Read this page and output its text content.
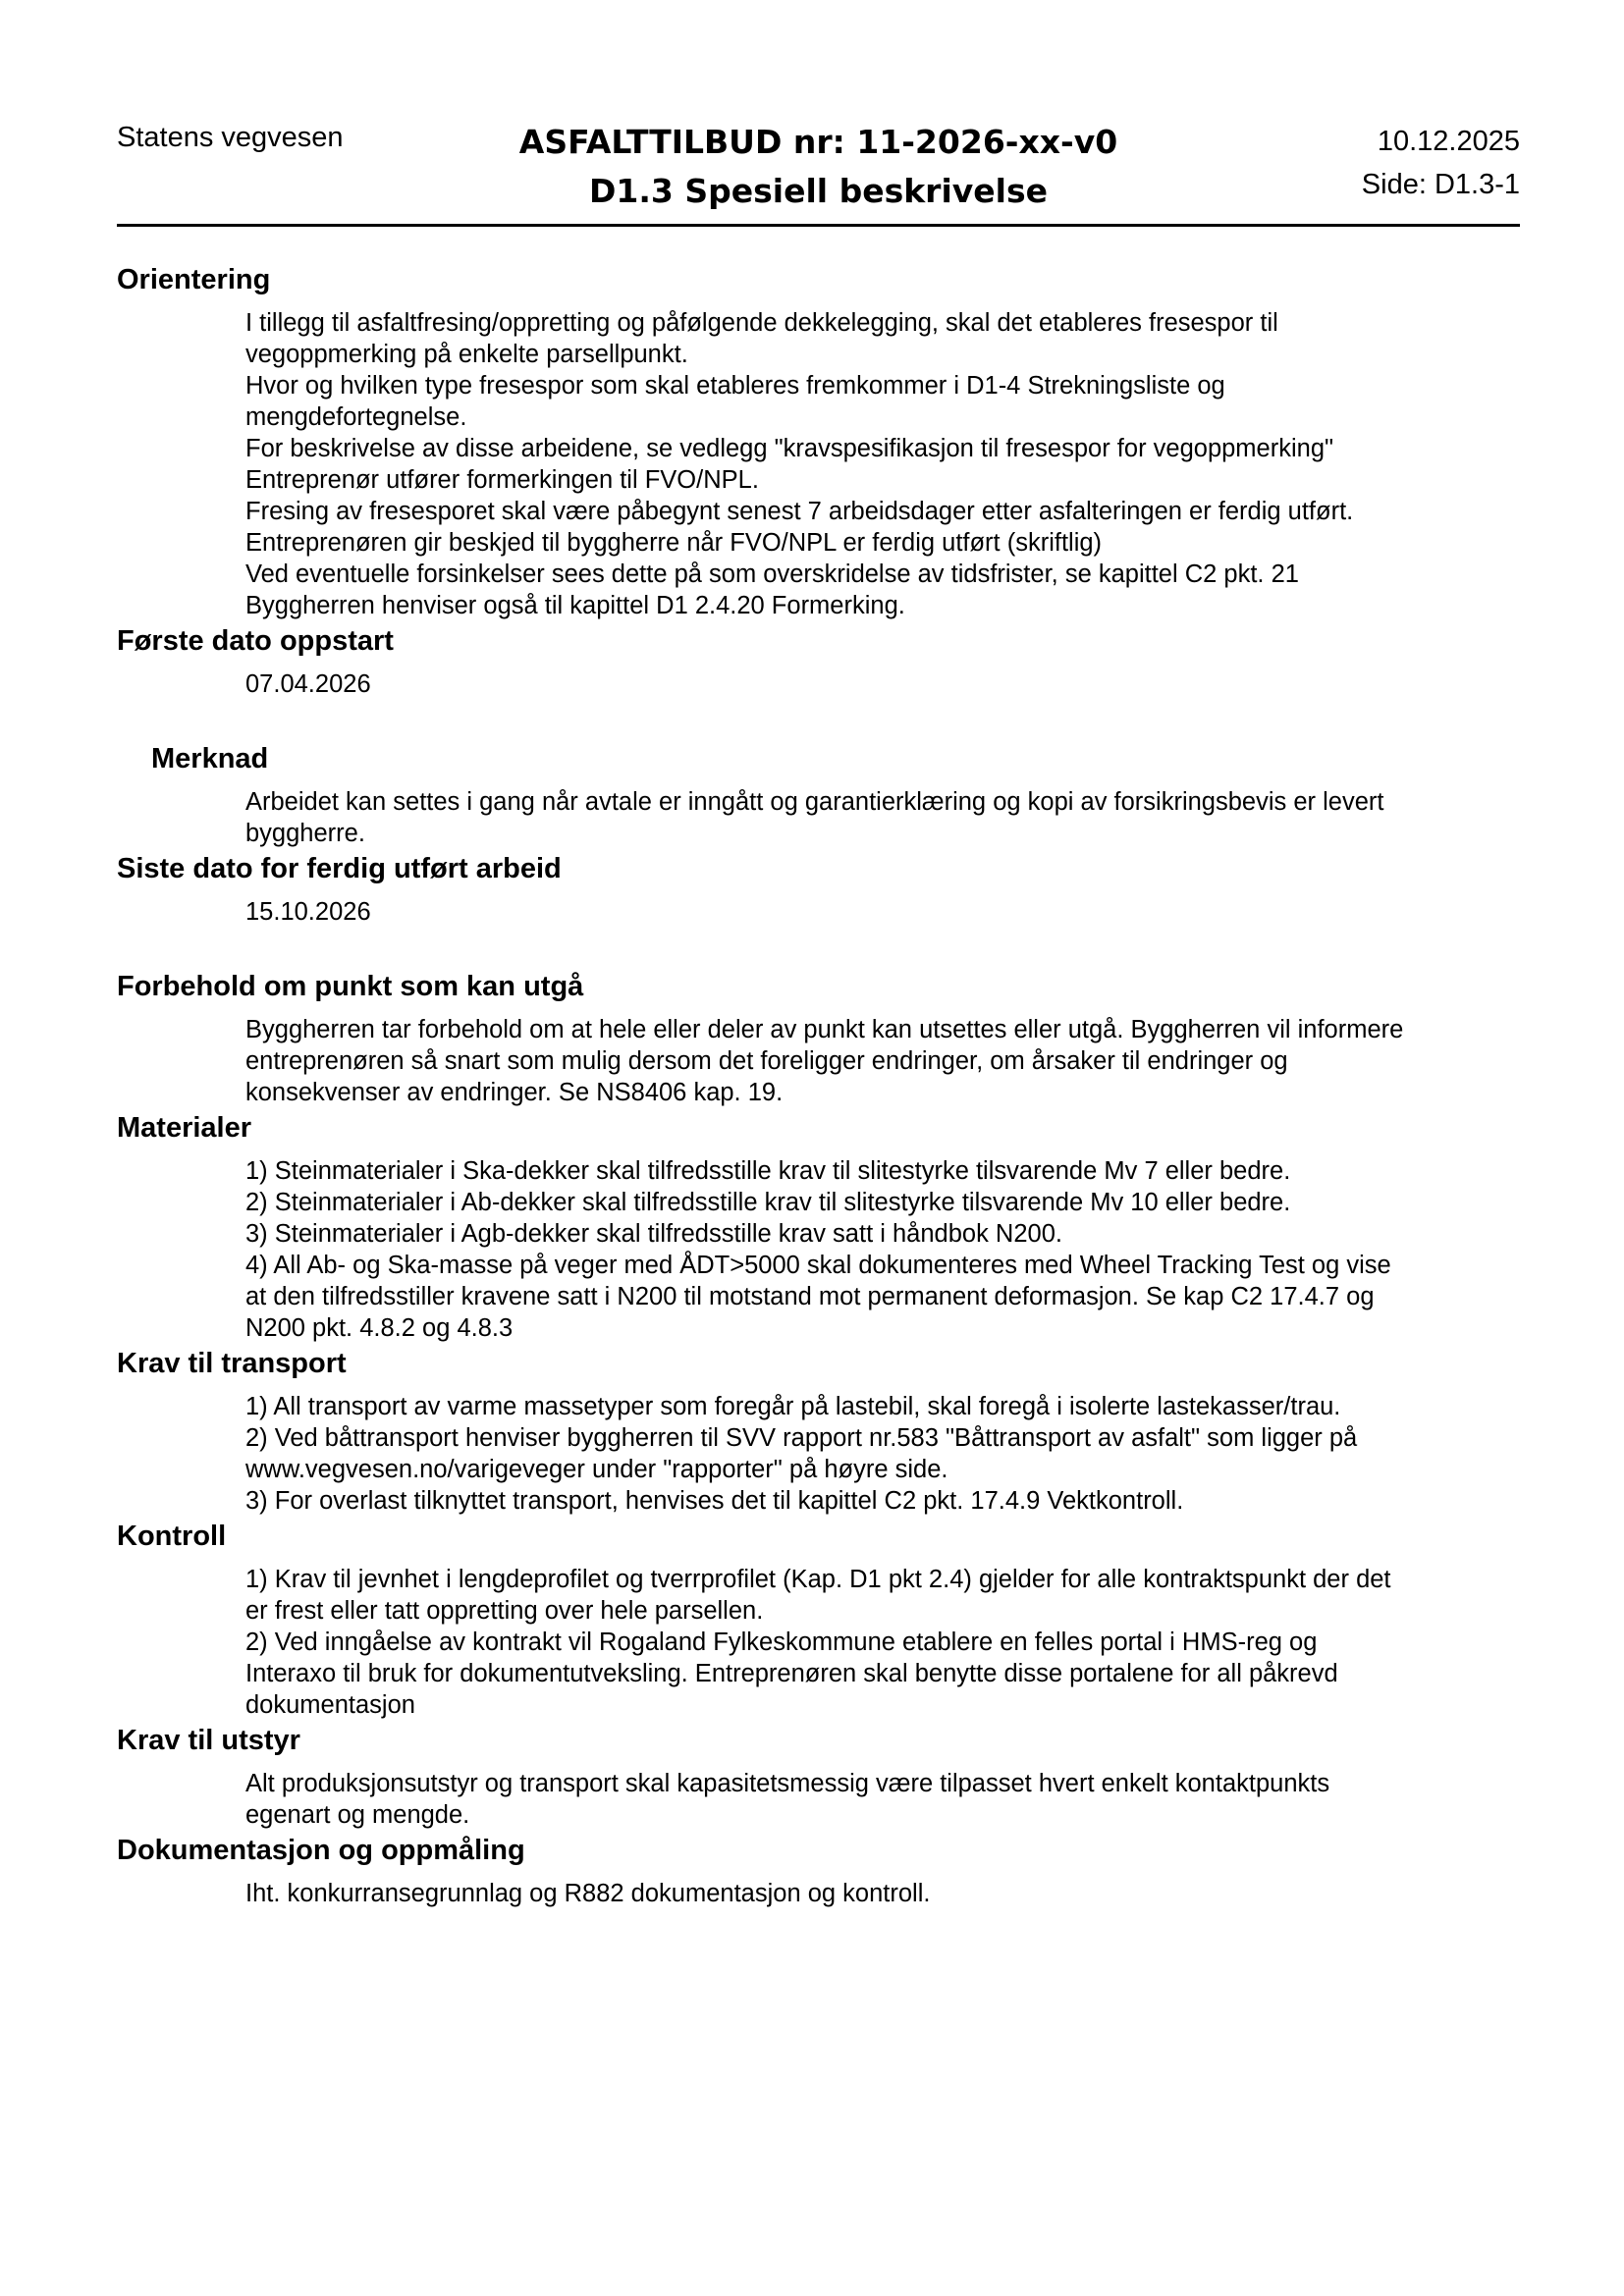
Statens vegvesen	ASFALTTILBUD nr: 11-2026-xx-v0
D1.3 Spesiell beskrivelse
10.12.2025
Side: D1.3-1
Orientering

I tillegg til asfaltfresing/oppretting og påfølgende dekkelegging, skal det etableres fresespor til

vegoppmerking på enkelte parsellpunkt.

Hvor og hvilken type fresespor som skal etableres fremkommer i D1-4 Strekningsliste og

mengdefortegnelse.

For beskrivelse av disse arbeidene, se vedlegg "kravspesifikasjon til fresespor for vegoppmerking"

Entreprenør utfører formerkingen til FVO/NPL.

Fresing av fresesporet skal være påbegynt senest 7 arbeidsdager etter asfalteringen er ferdig utført.

Entreprenøren gir beskjed til byggherre når FVO/NPL er ferdig utført (skriftlig)

Ved eventuelle forsinkelser sees dette på som overskridelse av tidsfrister, se kapittel C2 pkt. 21

Byggherren henviser også til kapittel D1 2.4.20 Formerking.

Første dato oppstart

07.04.2026

Merknad

Arbeidet kan settes i gang når avtale er inngått og garantierklæring og kopi av forsikringsbevis er levert

byggherre.

Siste dato for ferdig utført arbeid

15.10.2026

Forbehold om punkt som kan utgå

Byggherren tar forbehold om at hele eller deler av punkt kan utsettes eller utgå. Byggherren vil informere

entreprenøren så snart som mulig dersom det foreligger endringer, om årsaker til endringer og

konsekvenser av endringer. Se NS8406 kap. 19.

Materialer

1) Steinmaterialer i Ska-dekker skal tilfredsstille krav til slitestyrke tilsvarende Mv 7 eller bedre.

2) Steinmaterialer i Ab-dekker skal tilfredsstille krav til slitestyrke tilsvarende Mv 10 eller bedre.

3) Steinmaterialer i Agb-dekker skal tilfredsstille krav satt i håndbok N200.

4) All Ab- og Ska-masse på veger med ÅDT>5000 skal dokumenteres med Wheel Tracking Test og vise

at den tilfredsstiller kravene satt i N200 til motstand mot permanent deformasjon. Se kap C2 17.4.7 og

N200 pkt. 4.8.2 og 4.8.3

Krav til transport

1) All transport av varme massetyper som foregår på lastebil, skal foregå i isolerte lastekasser/trau.

2) Ved båttransport henviser byggherren til SVV rapport nr.583 "Båttransport av asfalt" som ligger på

www.vegvesen.no/varigeveger under "rapporter" på høyre side.

3) For overlast tilknyttet transport, henvises det til kapittel C2 pkt. 17.4.9 Vektkontroll.

Kontroll

1) Krav til jevnhet i lengdeprofilet og tverrprofilet (Kap. D1 pkt 2.4) gjelder for alle kontraktspunkt der det

er frest eller tatt oppretting over hele parsellen.

2) Ved inngåelse av kontrakt vil Rogaland Fylkeskommune etablere en felles portal i HMS-reg og

Interaxo til bruk for dokumentutveksling. Entreprenøren skal benytte disse portalene for all påkrevd

dokumentasjon

Krav til utstyr

Alt produksjonsutstyr og transport skal kapasitetsmessig være tilpasset hvert enkelt kontaktpunkts

egenart og mengde.

Dokumentasjon og oppmåling

Iht. konkurransegrunnlag og R882 dokumentasjon og kontroll.
